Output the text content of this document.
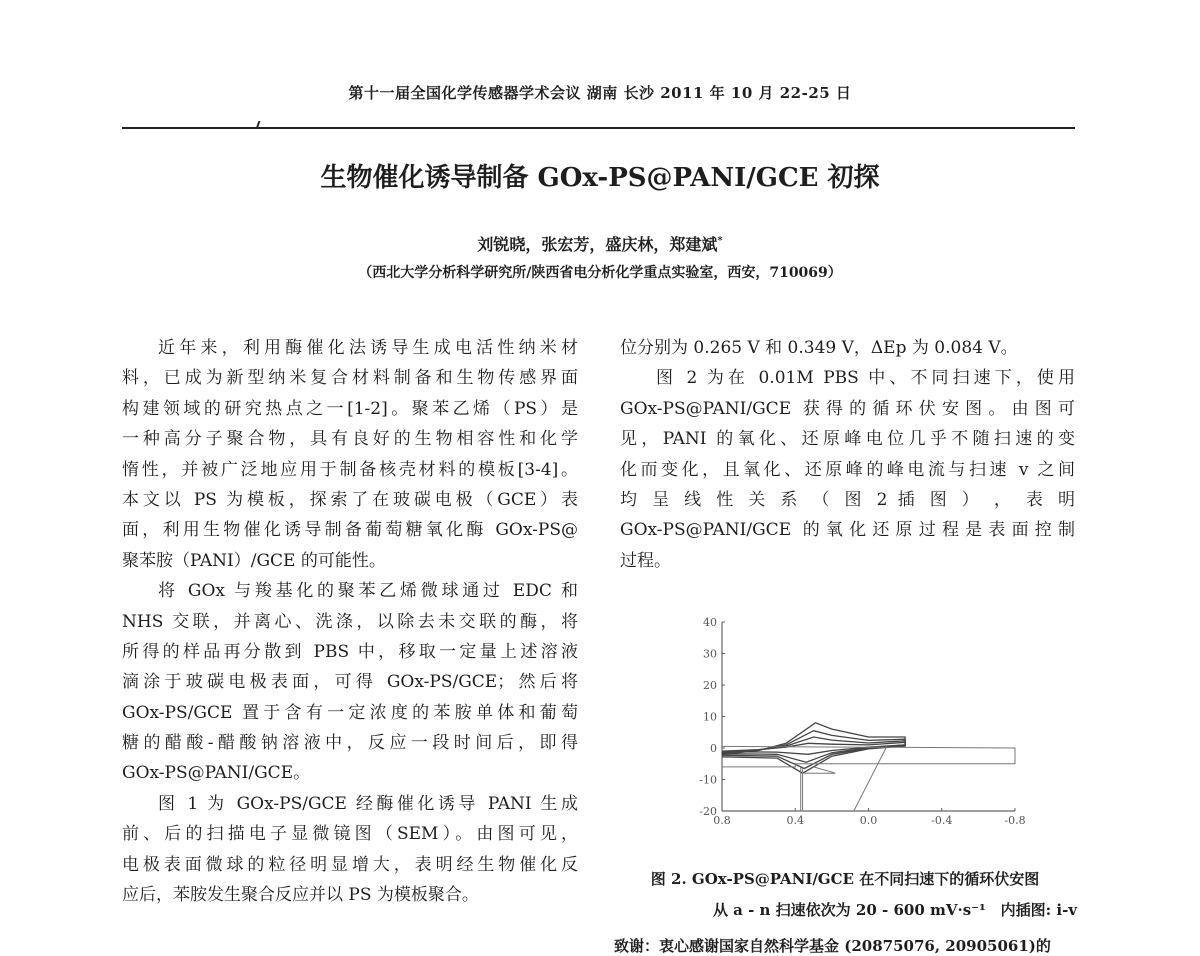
第十一届全国化学传感器学术会议 湖南 长沙 2011 年 10 月 22-25 日
生物催化诱导制备 GOx-PS@PANI/GCE 初探
刘锐晓，张宏芳，盛庆林，郑建斌*
（西北大学分析科学研究所/陕西省电分析化学重点实验室，西安，710069）
近年来，利用酶催化法诱导生成电活性纳米材
料，已成为新型纳米复合材料制备和生物传感界面
构建领域的研究热点之一[1-2]。聚苯乙烯（PS）是
一种高分子聚合物，具有良好的生物相容性和化学
惰性，并被广泛地应用于制备核壳材料的模板[3-4]。
本文以 PS 为模板，探索了在玻碳电极（GCE）表
面，利用生物催化诱导制备葡萄糖氧化酶 GOx-PS@
聚苯胺（PANI）/GCE 的可能性。
将 GOx 与羧基化的聚苯乙烯微球通过 EDC 和
NHS 交联，并离心、洗涤，以除去未交联的酶，将
所得的样品再分散到 PBS 中，移取一定量上述溶液
滴涂于玻碳电极表面，可得 GOx-PS/GCE；然后将
GOx-PS/GCE 置于含有一定浓度的苯胺单体和葡萄
糖的醋酸-醋酸钠溶液中，反应一段时间后，即得
GOx-PS@PANI/GCE。
图 1 为 GOx-PS/GCE 经酶催化诱导 PANI 生成
前、后的扫描电子显微镜图（SEM）。由图可见，
电极表面微球的粒径明显增大，表明经生物催化反
应后，苯胺发生聚合反应并以 PS 为模板聚合。
位分别为 0.265 V 和 0.349 V，ΔEp 为 0.084 V。
图 2 为在 0.01M PBS 中、不同扫速下，使用
GOx-PS@PANI/GCE 获得的循环伏安图。由图可
见，PANI 的氧化、还原峰电位几乎不随扫速的变
化而变化，且氧化、还原峰的峰电流与扫速 v 之间
均 呈 线 性 关 系 （ 图 2 插 图 ） ， 表 明
GOx-PS@PANI/GCE 的氧化还原过程是表面控制
过程。
40
30
20
10
0
-10
-20
0.8	0.4	0.0	-0.4	-0.8
图 2. GOx-PS@PANI/GCE 在不同扫速下的循环伏安图
从 a - n 扫速依次为 20 - 600 mV·s⁻¹　内插图: i-v
致谢：衷心感谢国家自然科学基金 (20875076, 20905061)的
